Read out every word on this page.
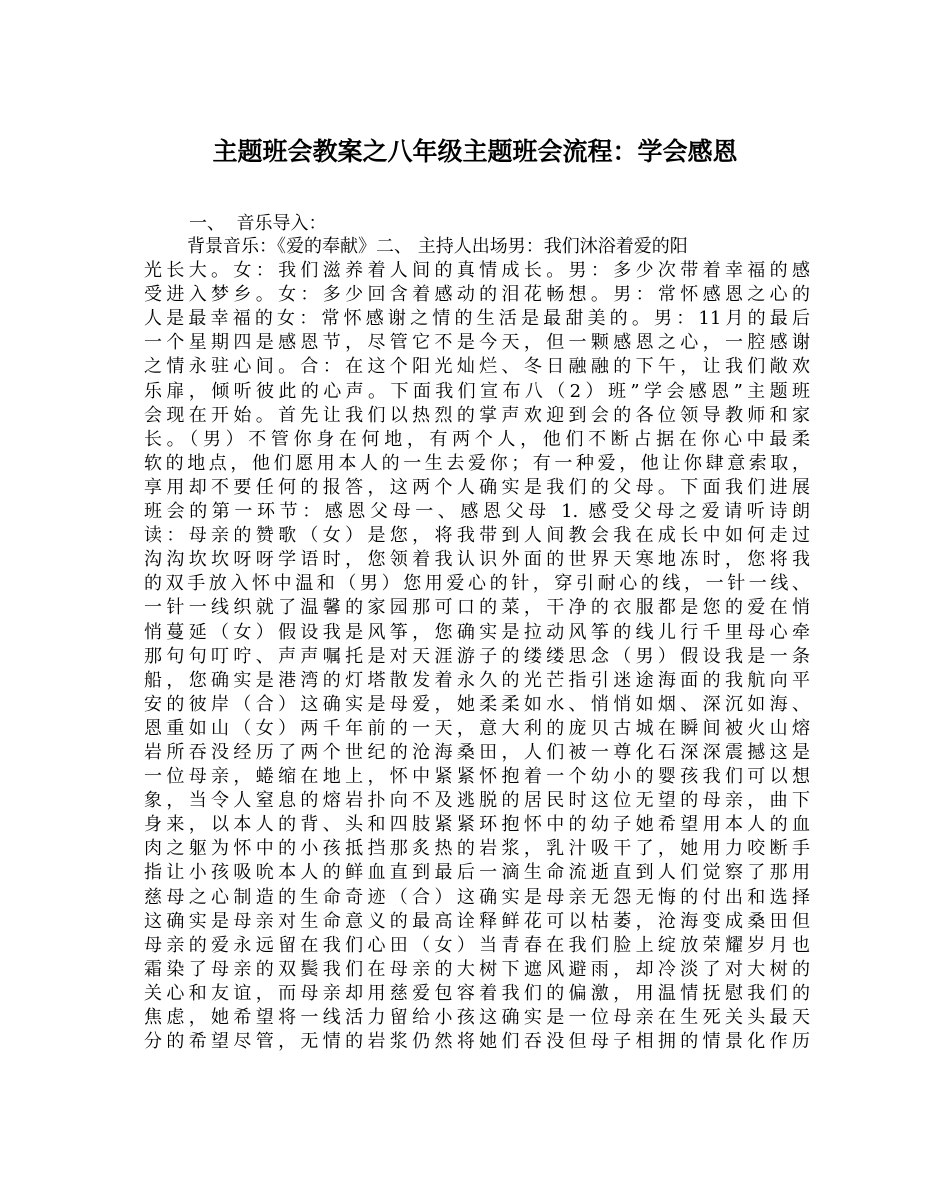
主题班会教案之八年级主题班会流程：学会感恩
一、  音乐导入：
背景音乐：《爱的奉献》二、 主持人出场男：我们沐浴着爱的阳
光长大。女：我们滋养着人间的真情成长。男：多少次带着幸福的感
受进入梦乡。女：多少回含着感动的泪花畅想。男：常怀感恩之心的
人是最幸福的女：常怀感谢之情的生活是最甜美的。男：11月的最后
一个星期四是感恩节，尽管它不是今天，但一颗感恩之心，一腔感谢
之情永驻心间。合：在这个阳光灿烂、冬日融融的下午，让我们敞欢
乐扉，倾听彼此的心声。下面我们宣布八（2）班”学会感恩”主题班
会现在开始。首先让我们以热烈的掌声欢迎到会的各位领导教师和家
长。（男）不管你身在何地，有两个人，他们不断占据在你心中最柔
软的地点，他们愿用本人的一生去爱你；有一种爱，他让你肆意索取，
享用却不要任何的报答，这两个人确实是我们的父母。下面我们进展
班会的第一环节：感恩父母一、感恩父母 1. 感受父母之爱请听诗朗
读：母亲的赞歌（女）是您，将我带到人间教会我在成长中如何走过
沟沟坎坎呀呀学语时，您领着我认识外面的世界天寒地冻时，您将我
的双手放入怀中温和（男）您用爱心的针，穿引耐心的线，一针一线、
一针一线织就了温馨的家园那可口的菜，干净的衣服都是您的爱在悄
悄蔓延（女）假设我是风筝，您确实是拉动风筝的线儿行千里母心牵
那句句叮咛、声声嘱托是对天涯游子的缕缕思念（男）假设我是一条
船，您确实是港湾的灯塔散发着永久的光芒指引迷途海面的我航向平
安的彼岸（合）这确实是母爱，她柔柔如水、悄悄如烟、深沉如海、
恩重如山（女）两千年前的一天，意大利的庞贝古城在瞬间被火山熔
岩所吞没经历了两个世纪的沧海桑田，人们被一尊化石深深震撼这是
一位母亲，蜷缩在地上，怀中紧紧怀抱着一个幼小的婴孩我们可以想
象，当令人窒息的熔岩扑向不及逃脱的居民时这位无望的母亲，曲下
身来，以本人的背、头和四肢紧紧环抱怀中的幼子她希望用本人的血
肉之躯为怀中的小孩抵挡那炙热的岩浆，乳汁吸干了，她用力咬断手
指让小孩吸吮本人的鲜血直到最后一滴生命流逝直到人们觉察了那用
慈母之心制造的生命奇迹（合）这确实是母亲无怨无悔的付出和选择
这确实是母亲对生命意义的最高诠释鲜花可以枯萎，沧海变成桑田但
母亲的爱永远留在我们心田（女）当青春在我们脸上绽放荣耀岁月也
霜染了母亲的双鬓我们在母亲的大树下遮风避雨，却冷淡了对大树的
关心和友谊，而母亲却用慈爱包容着我们的偏激，用温情抚慰我们的
焦虑，她希望将一线活力留给小孩这确实是一位母亲在生死关头最天
分的希望尽管，无情的岩浆仍然将她们吞没但母子相拥的情景化作历
